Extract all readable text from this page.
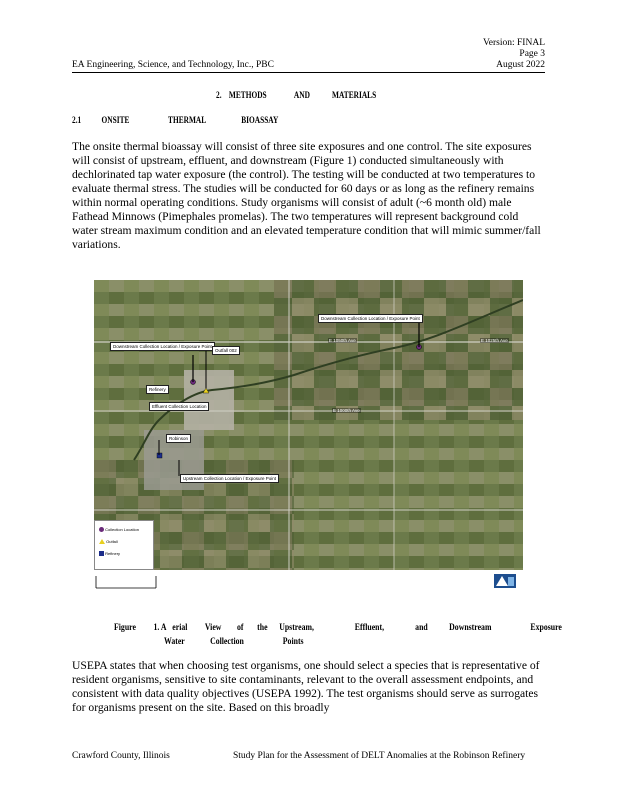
Version: FINAL
Page 3
EA Engineering, Science, and Technology, Inc., PBC	August 2022
2. METHODS	AND MATERIALS
2.1 ONSITE	THERMAL	BIOASSAY

The onsite thermal bioassay will consist of three site exposures and one control. The site exposures will consist of upstream, effluent, and downstream (Figure 1) conducted simultaneously with dechlorinated tap water exposure (the control). The testing will be conducted at two temperatures to evaluate thermal stress. The studies will be conducted for 60 days or as long as the refinery remains within normal operating conditions. Study organisms will consist of adult (~6 month old) male Fathead Minnows (Pimephales promelas). The two temperatures will represent background cold water stream maximum condition and an elevated temperature condition that will mimic summer/fall variations.

Downstream Collection Location / Exposure Point
Outfall 002
Refinery
Effluent Collection Location
Robinson
Upstream Collection Location / Exposure Point
Downstream Collection Location / Exposure Point
E 1050th Ave	E 1025th Ave
E 1000th Ave
Collection Location
Outfall
Refinery
Figure 1. A erial View of the Upstream,	Effluent,	and Downstream	Exposure
Water	Collection	Points

USEPA states that when choosing test organisms, one should select a species that is representative of resident organisms, sensitive to site contaminants, relevant to the overall assessment endpoints, and consistent with data quality objectives (USEPA 1992). The test organisms should serve as surrogates for organisms present on the site. Based on this broadly

Crawford County, Illinois	Study Plan for the Assessment of DELT Anomalies at the Robinson Refinery
